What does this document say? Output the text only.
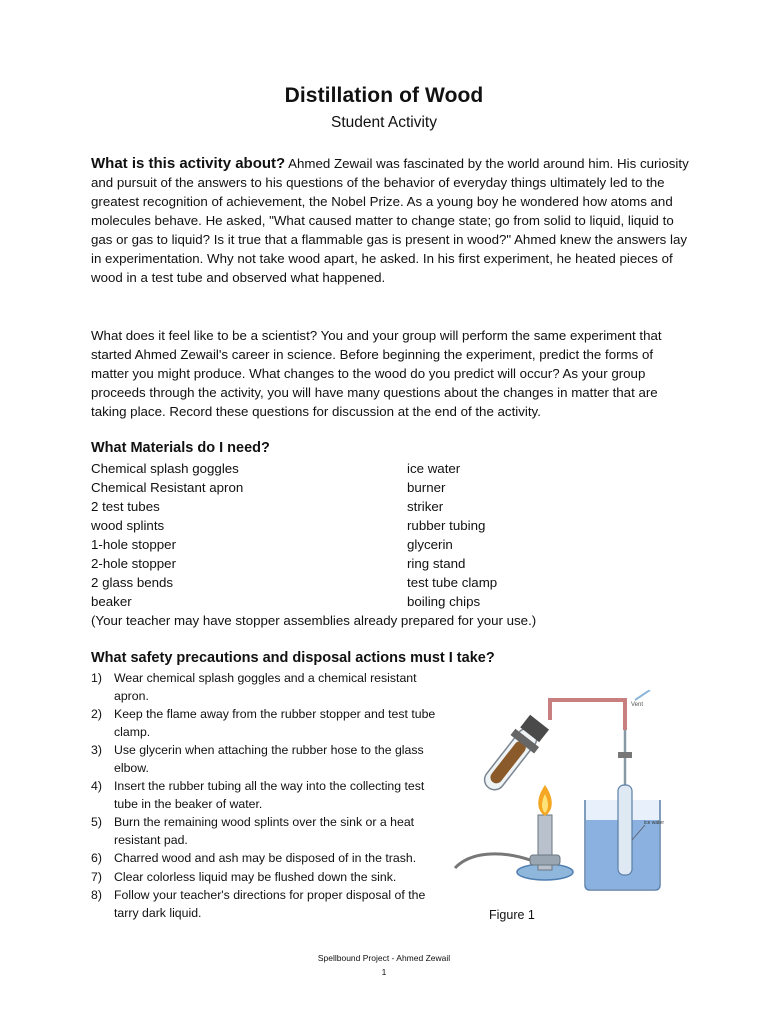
Distillation of Wood
Student Activity

What is this activity about? Ahmed Zewail was fascinated by the world around him. His curiosity and pursuit of the answers to his questions of the behavior of everyday things ultimately led to the greatest recognition of achievement, the Nobel Prize. As a young boy he wondered how atoms and molecules behave. He asked, "What caused matter to change state; go from solid to liquid, liquid to gas or gas to liquid? Is it true that a flammable gas is present in wood?" Ahmed knew the answers lay in experimentation. Why not take wood apart, he asked. In his first experiment, he heated pieces of wood in a test tube and observed what happened.

What does it feel like to be a scientist? You and your group will perform the same experiment that started Ahmed Zewail's career in science. Before beginning the experiment, predict the forms of matter you might produce. What changes to the wood do you predict will occur? As your group proceeds through the activity, you will have many questions about the changes in matter that are taking place. Record these questions for discussion at the end of the activity.

What Materials do I need?

Chemical splash goggles	ice water
Chemical Resistant apron	burner
2 test tubes	striker
wood splints	rubber tubing
1-hole stopper	glycerin
2-hole stopper	ring stand
2 glass bends	test tube clamp
beaker	boiling chips
(Your teacher may have stopper assemblies already prepared for your use.)

What safety precautions and disposal actions must I take?

1) Wear chemical splash goggles and a chemical resistant apron.
2) Keep the flame away from the rubber stopper and test tube clamp.
3) Use glycerin when attaching the rubber hose to the glass elbow.
4) Insert the rubber tubing all the way into the collecting test tube in the beaker of water.
5) Burn the remaining wood splints over the sink or a heat resistant pad.
6) Charred wood and ash may be disposed of in the trash.
7) Clear colorless liquid may be flushed down the sink.
8) Follow your teacher's directions for proper disposal of the tarry dark liquid.
Vent
ice water
Figure 1
Spellbound Project - Ahmed Zewail
1
